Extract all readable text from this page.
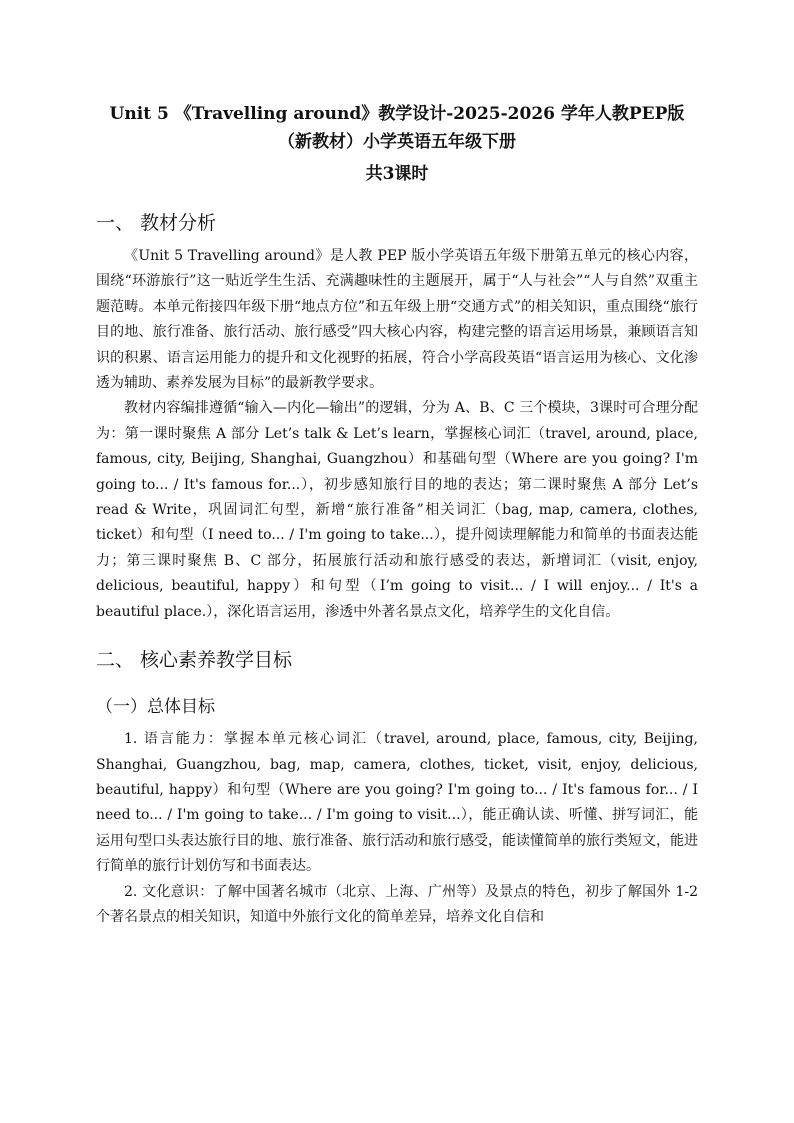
Unit 5 《Travelling around》教学设计-2025-2026 学年人教PEP版（新教材）小学英语五年级下册

共3课时

一、 教材分析

《Unit 5 Travelling around》是人教 PEP 版小学英语五年级下册第五单元的核心内容，围绕“环游旅行”这一贴近学生生活、充满趣味性的主题展开，属于“人与社会”“人与自然”双重主题范畴。本单元衔接四年级下册“地点方位”和五年级上册“交通方式”的相关知识，重点围绕“旅行目的地、旅行准备、旅行活动、旅行感受”四大核心内容，构建完整的语言运用场景，兼顾语言知识的积累、语言运用能力的提升和文化视野的拓展，符合小学高段英语“语言运用为核心、文化渗透为辅助、素养发展为目标”的最新教学要求。

教材内容编排遵循“输入—内化—输出”的逻辑，分为 A、B、C 三个模块，3课时可合理分配为：第一课时聚焦 A 部分 Let’s talk & Let’s learn，掌握核心词汇（travel, around, place, famous, city, Beijing, Shanghai, Guangzhou）和基础句型（Where are you going? I'm going to... / It's famous for...），初步感知旅行目的地的表达；第二课时聚焦 A 部分 Let’s read & Write，巩固词汇句型，新增“旅行准备”相关词汇（bag, map, camera, clothes, ticket）和句型（I need to... / I'm going to take...），提升阅读理解能力和简单的书面表达能力；第三课时聚焦 B、C 部分，拓展旅行活动和旅行感受的表达，新增词汇（visit, enjoy, delicious, beautiful, happy）和句型（I’m going to visit... / I will enjoy... / It's a beautiful place.），深化语言运用，渗透中外著名景点文化，培养学生的文化自信。

二、 核心素养教学目标
（一）总体目标

1. 语言能力：掌握本单元核心词汇（travel, around, place, famous, city, Beijing, Shanghai, Guangzhou, bag, map, camera, clothes, ticket, visit, enjoy, delicious, beautiful, happy）和句型（Where are you going? I'm going to... / It's famous for... / I need to... / I'm going to take... / I'm going to visit...），能正确认读、听懂、拼写词汇，能运用句型口头表达旅行目的地、旅行准备、旅行活动和旅行感受，能读懂简单的旅行类短文，能进行简单的旅行计划仿写和书面表达。

2. 文化意识：了解中国著名城市（北京、上海、广州等）及景点的特色，初步了解国外 1-2个著名景点的相关知识，知道中外旅行文化的简单差异，培养文化自信和
